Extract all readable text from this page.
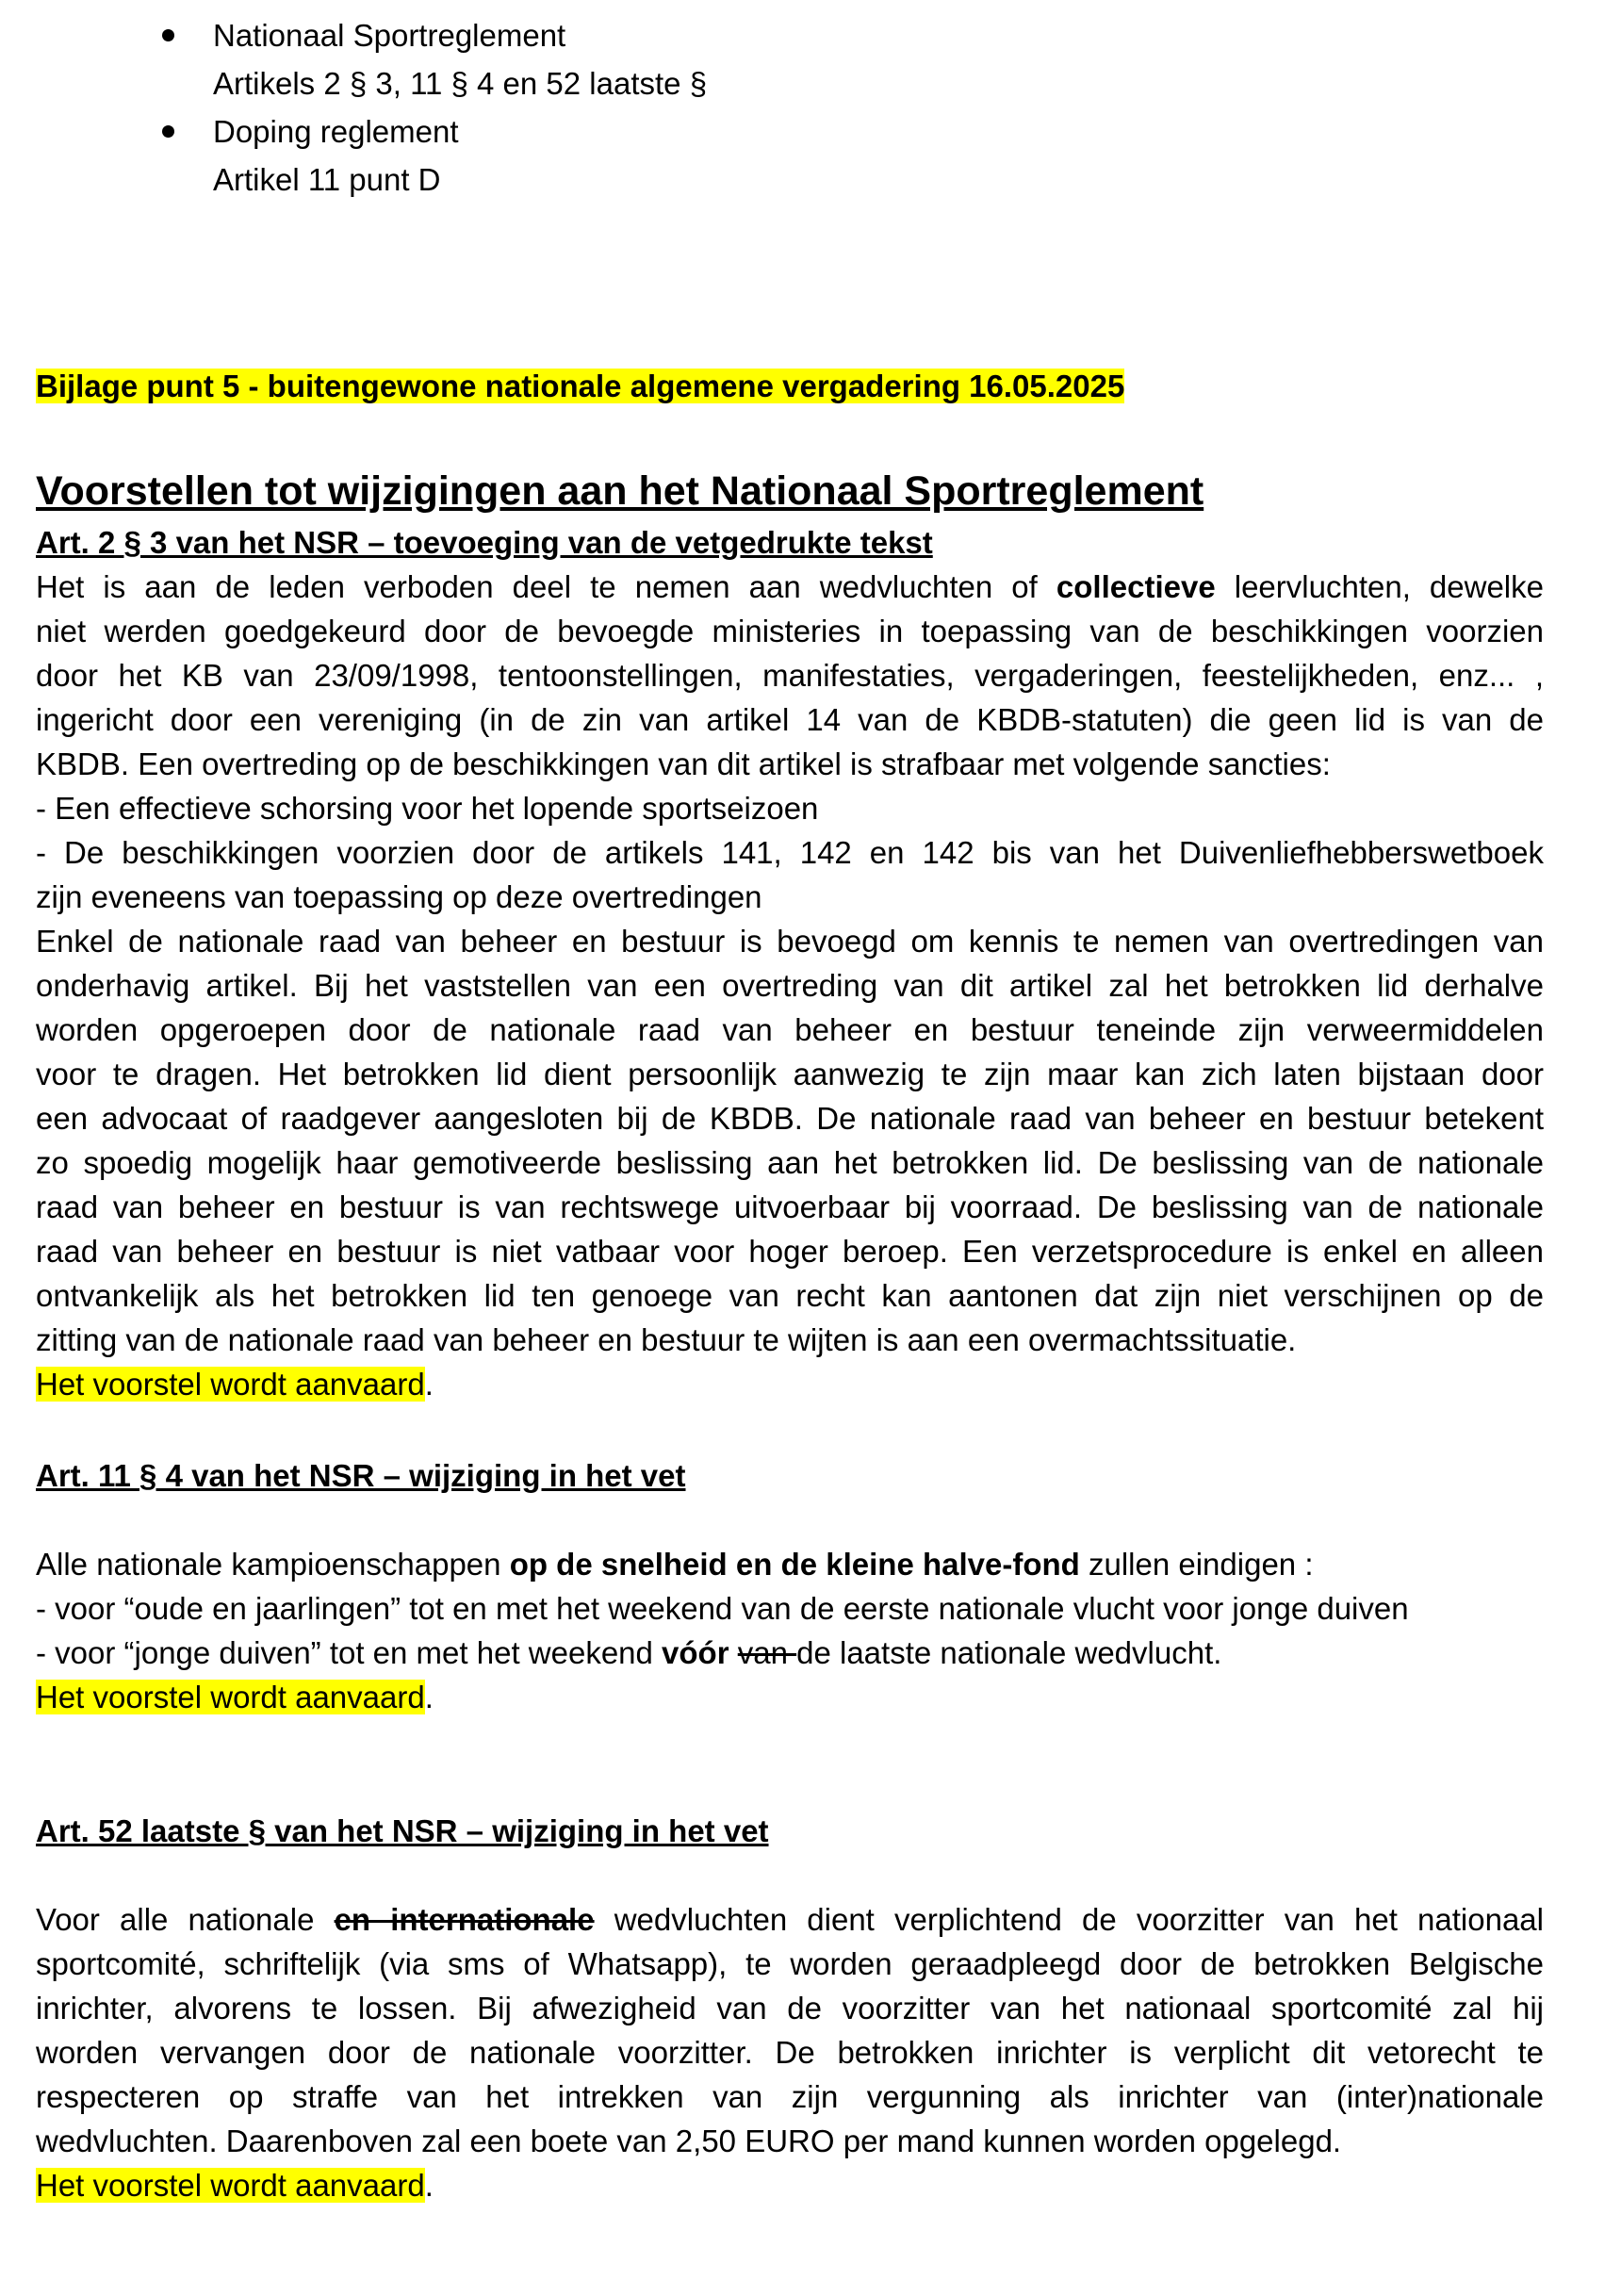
Nationaal Sportreglement
Artikels 2 § 3, 11 § 4 en 52 laatste §
Doping reglement
Artikel 11 punt D
Bijlage punt 5 - buitengewone nationale algemene vergadering 16.05.2025
Voorstellen tot wijzigingen aan het Nationaal Sportreglement
Art. 2 § 3 van het NSR – toevoeging van de vetgedrukte tekst
Het is aan de leden verboden deel te nemen aan wedvluchten of collectieve leervluchten, dewelke
niet werden goedgekeurd door de bevoegde ministeries in toepassing van de beschikkingen voorzien
door het KB van 23/09/1998, tentoonstellingen, manifestaties, vergaderingen, feestelijkheden, enz... ,
ingericht door een vereniging (in de zin van artikel 14 van de KBDB-statuten) die geen lid is van de
KBDB. Een overtreding op de beschikkingen van dit artikel is strafbaar met volgende sancties:
- Een effectieve schorsing voor het lopende sportseizoen
- De beschikkingen voorzien door de artikels 141, 142 en 142 bis van het Duivenliefhebberswetboek
zijn eveneens van toepassing op deze overtredingen
Enkel de nationale raad van beheer en bestuur is bevoegd om kennis te nemen van overtredingen van
onderhavig artikel. Bij het vaststellen van een overtreding van dit artikel zal het betrokken lid derhalve
worden opgeroepen door de nationale raad van beheer en bestuur teneinde zijn verweermiddelen
voor te dragen. Het betrokken lid dient persoonlijk aanwezig te zijn maar kan zich laten bijstaan door
een advocaat of raadgever aangesloten bij de KBDB. De nationale raad van beheer en bestuur betekent
zo spoedig mogelijk haar gemotiveerde beslissing aan het betrokken lid. De beslissing van de nationale
raad van beheer en bestuur is van rechtswege uitvoerbaar bij voorraad. De beslissing van de nationale
raad van beheer en bestuur is niet vatbaar voor hoger beroep. Een verzetsprocedure is enkel en alleen
ontvankelijk als het betrokken lid ten genoege van recht kan aantonen dat zijn niet verschijnen op de
zitting van de nationale raad van beheer en bestuur te wijten is aan een overmachtssituatie.
Het voorstel wordt aanvaard.
Art. 11 § 4 van het NSR – wijziging in het vet
Alle nationale kampioenschappen op de snelheid en de kleine halve-fond zullen eindigen :
- voor “oude en jaarlingen” tot en met het weekend van de eerste nationale vlucht voor jonge duiven
- voor “jonge duiven” tot en met het weekend vóór van de laatste nationale wedvlucht.
Het voorstel wordt aanvaard.
Art. 52 laatste § van het NSR – wijziging in het vet
Voor alle nationale en internationale wedvluchten dient verplichtend de voorzitter van het nationaal
sportcomité, schriftelijk (via sms of Whatsapp), te worden geraadpleegd door de betrokken Belgische
inrichter, alvorens te lossen. Bij afwezigheid van de voorzitter van het nationaal sportcomité zal hij
worden vervangen door de nationale voorzitter. De betrokken inrichter is verplicht dit vetorecht te
respecteren op straffe van het intrekken van zijn vergunning als inrichter van (inter)nationale
wedvluchten. Daarenboven zal een boete van 2,50 EURO per mand kunnen worden opgelegd.
Het voorstel wordt aanvaard.
